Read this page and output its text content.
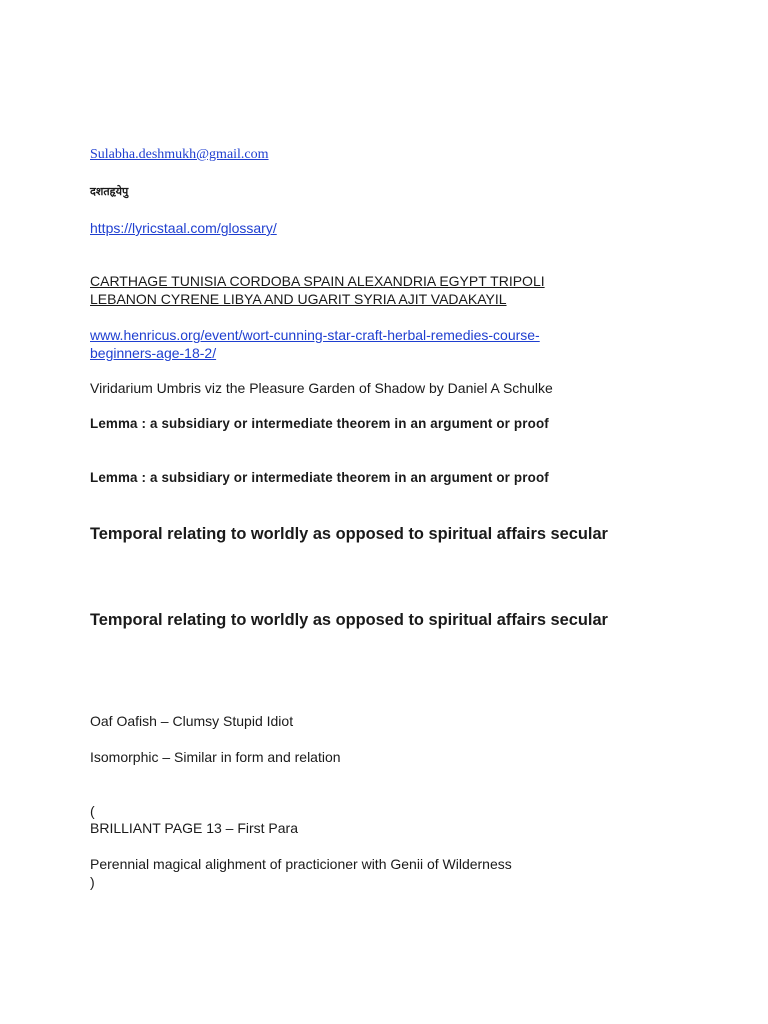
Sulabha.deshmukh@gmail.com

दशतहृयेपु

https://lyricstaal.com/glossary/

CARTHAGE TUNISIA CORDOBA SPAIN ALEXANDRIA EGYPT TRIPOLI

LEBANON CYRENE LIBYA AND UGARIT SYRIA AJIT VADAKAYIL

www.henricus.org/event/wort-cunning-star-craft-herbal-remedies-course-
beginners-age-18-2/

Viridarium Umbris viz the Pleasure Garden of Shadow by Daniel A Schulke

Lemma : a subsidiary or intermediate theorem in an argument or proof

Lemma : a subsidiary or intermediate theorem in an argument or proof

Temporal relating to worldly as opposed to spiritual affairs secular

Temporal relating to worldly as opposed to spiritual affairs secular

Oaf Oafish – Clumsy Stupid Idiot

Isomorphic – Similar in form and relation

(

BRILLIANT PAGE 13 – First Para

Perennial magical alighment of practicioner with Genii of Wilderness

)
